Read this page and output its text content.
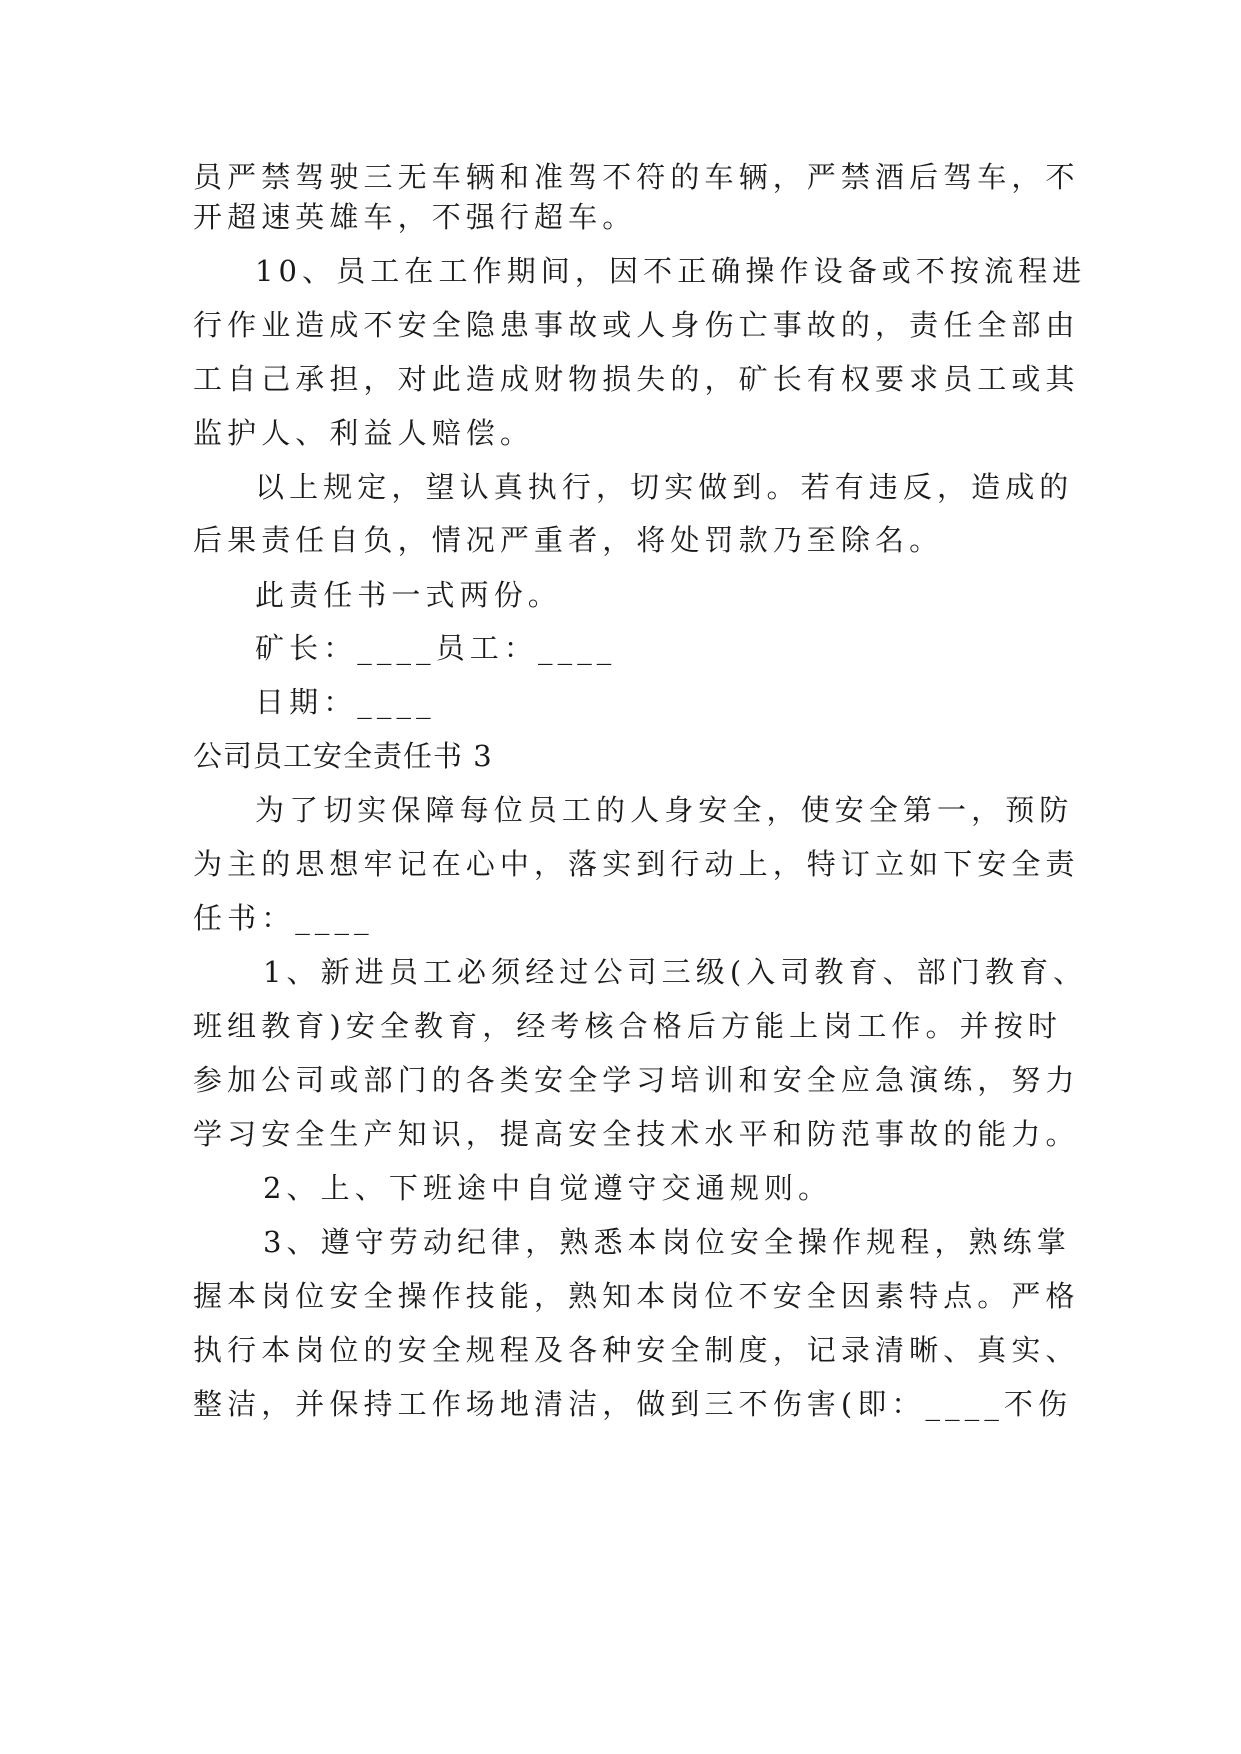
员严禁驾驶三无车辆和准驾不符的车辆，严禁酒后驾车，不
开超速英雄车，不强行超车。
10、员工在工作期间，因不正确操作设备或不按流程进
行作业造成不安全隐患事故或人身伤亡事故的，责任全部由
工自己承担，对此造成财物损失的，矿长有权要求员工或其
监护人、利益人赔偿。
以上规定，望认真执行，切实做到。若有违反，造成的
后果责任自负，情况严重者，将处罚款乃至除名。
此责任书一式两份。
矿长：____员工：____
日期：____
公司员工安全责任书 3
为了切实保障每位员工的人身安全，使安全第一，预防
为主的思想牢记在心中，落实到行动上，特订立如下安全责
任书：____
1、新进员工必须经过公司三级(入司教育、部门教育、
班组教育)安全教育，经考核合格后方能上岗工作。并按时
参加公司或部门的各类安全学习培训和安全应急演练，努力
学习安全生产知识，提高安全技术水平和防范事故的能力。
2、上、下班途中自觉遵守交通规则。
3、遵守劳动纪律，熟悉本岗位安全操作规程，熟练掌
握本岗位安全操作技能，熟知本岗位不安全因素特点。严格
执行本岗位的安全规程及各种安全制度，记录清晰、真实、
整洁，并保持工作场地清洁，做到三不伤害(即：____不伤
